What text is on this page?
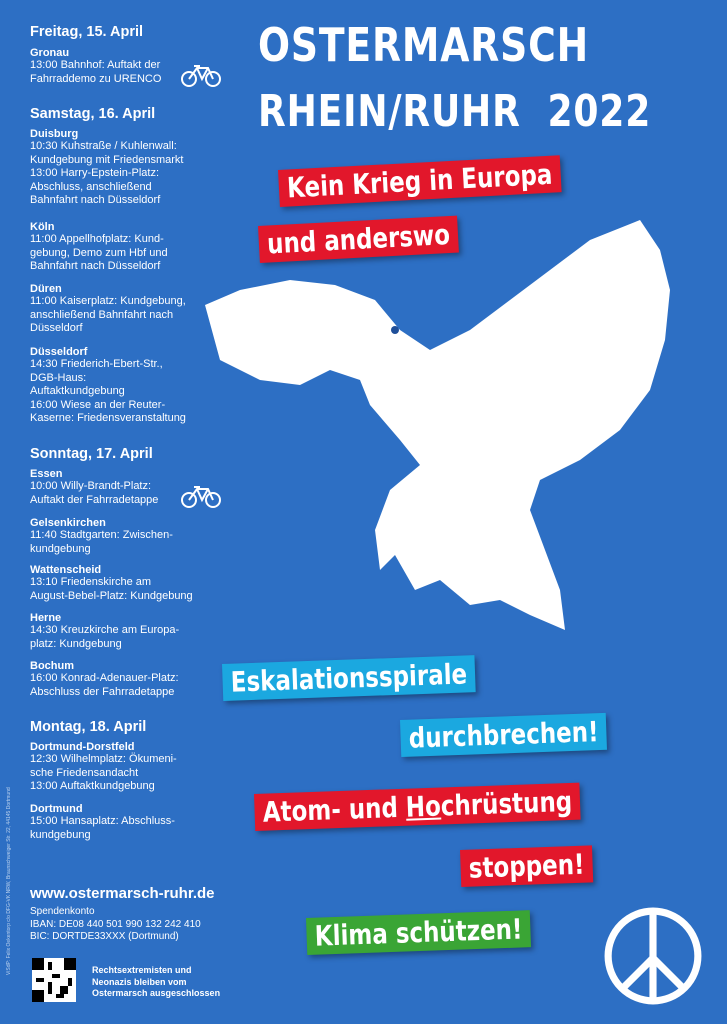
OSTERMARSCH
RHEIN/RUHR 2022
Kein Krieg in Europa
und anderswo
Eskalationsspirale
durchbrechen!
Atom- und Hochrüstung
stoppen!
Klima schützen!
Freitag, 15. April

Gronau

13:00 Bahnhof: Auftakt der

Fahrraddemo zu URENCO

Samstag, 16. April

Duisburg

10:30 Kuhstraße / Kuhlenwall:

Kundgebung mit Friedensmarkt

13:00 Harry-Epstein-Platz:

Abschluss, anschließend

Bahnfahrt nach Düsseldorf

Köln

11:00 Appellhofplatz: Kund-

gebung, Demo zum Hbf und

Bahnfahrt nach Düsseldorf

Düren

11:00 Kaiserplatz: Kundgebung,

anschließend Bahnfahrt nach

Düsseldorf

Düsseldorf

14:30 Friederich-Ebert-Str.,

DGB-Haus:

Auftaktkundgebung

16:00 Wiese an der Reuter-

Kaserne: Friedensveranstaltung

Sonntag, 17. April

Essen

10:00 Willy-Brandt-Platz:

Auftakt der Fahrradetappe

Gelsenkirchen

11:40 Stadtgarten: Zwischen-

kundgebung

Wattenscheid

13:10 Friedenskirche am

August-Bebel-Platz: Kundgebung

Herne

14:30 Kreuzkirche am Europa-

platz: Kundgebung

Bochum

16:00 Konrad-Adenauer-Platz:

Abschluss der Fahrradetappe

Montag, 18. April

Dortmund-Dorstfeld

12:30 Wilhelmplatz: Ökumeni-

sche Friedensandacht

13:00 Auftaktkundgebung

Dortmund

15:00 Hansaplatz: Abschluss-

kundgebung

www.ostermarsch-ruhr.de
Spendenkonto
IBAN: DE08 440 501 990 132 242 410
BIC: DORTDE33XXX (Dortmund)
Rechtsextremisten und
Neonazis bleiben vom
Ostermarsch ausgeschlossen
ViSdP: Felix Oekentorp c/o DFG-VK NRW, Braunschweiger Str. 22, 44145 Dortmund
